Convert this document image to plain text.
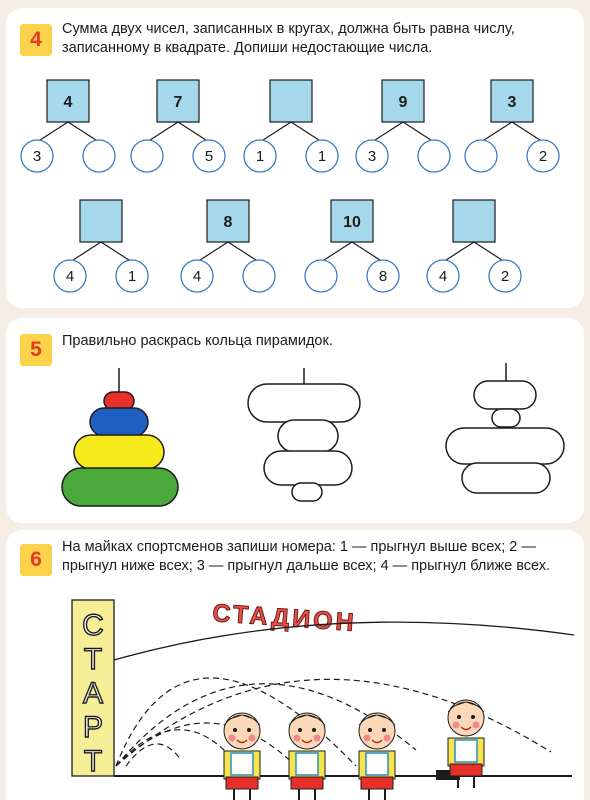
4	Сумма двух чисел, записанных в кругах, должна быть равна числу, записанному в квадрате. Допиши недостающие числа.
4
3
7
5	1	1
9
3
3
2
4	1
8
4
10
8	4	2
5	Правильно раскрась кольца пирамидок.
6
На майках спортсменов запиши номера: 1 — прыгнул выше всех; 2 — прыгнул ниже всех; 3 — прыгнул дальше всех; 4 — прыгнул ближе всех.
СТАДИОН
С
Т
А
Р
Т
